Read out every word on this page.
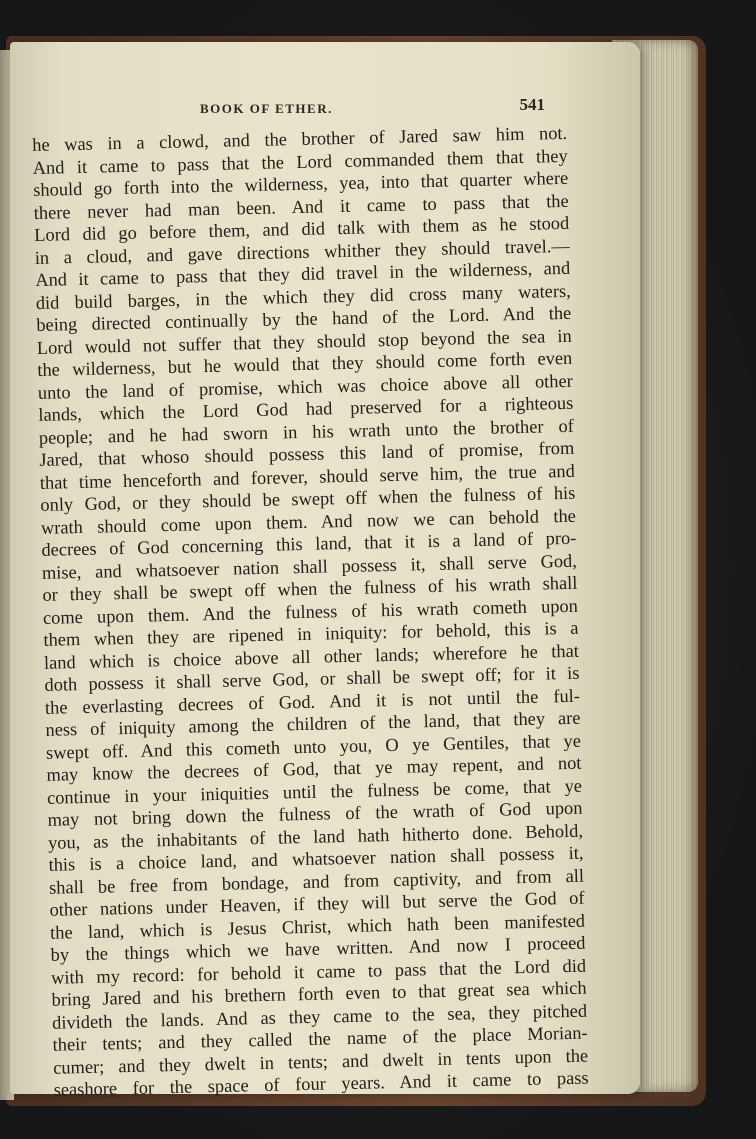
BOOK OF ETHER.	541
he was in a clowd, and the brother of Jared saw him not.
And it came to pass that the Lord commanded them that they
should go forth into the wilderness, yea, into that quarter where
there never had man been. And it came to pass that the
Lord did go before them, and did talk with them as he stood
in a cloud, and gave directions whither they should travel.—
And it came to pass that they did travel in the wilderness, and
did build barges, in the which they did cross many waters,
being directed continually by the hand of the Lord. And the
Lord would not suffer that they should stop beyond the sea in
the wilderness, but he would that they should come forth even
unto the land of promise, which was choice above all other
lands, which the Lord God had preserved for a righteous
people; and he had sworn in his wrath unto the brother of
Jared, that whoso should possess this land of promise, from
that time henceforth and forever, should serve him, the true and
only God, or they should be swept off when the fulness of his
wrath should come upon them. And now we can behold the
decrees of God concerning this land, that it is a land of pro-
mise, and whatsoever nation shall possess it, shall serve God,
or they shall be swept off when the fulness of his wrath shall
come upon them. And the fulness of his wrath cometh upon
them when they are ripened in iniquity: for behold, this is a
land which is choice above all other lands; wherefore he that
doth possess it shall serve God, or shall be swept off; for it is
the everlasting decrees of God. And it is not until the ful-
ness of iniquity among the children of the land, that they are
swept off. And this cometh unto you, O ye Gentiles, that ye
may know the decrees of God, that ye may repent, and not
continue in your iniquities until the fulness be come, that ye
may not bring down the fulness of the wrath of God upon
you, as the inhabitants of the land hath hitherto done. Behold,
this is a choice land, and whatsoever nation shall possess it,
shall be free from bondage, and from captivity, and from all
other nations under Heaven, if they will but serve the God of
the land, which is Jesus Christ, which hath been manifested
by the things which we have written. And now I proceed
with my record: for behold it came to pass that the Lord did
bring Jared and his brethern forth even to that great sea which
divideth the lands. And as they came to the sea, they pitched
their tents; and they called the name of the place Morian-
cumer; and they dwelt in tents; and dwelt in tents upon the
seashore for the space of four years. And it came to pass
